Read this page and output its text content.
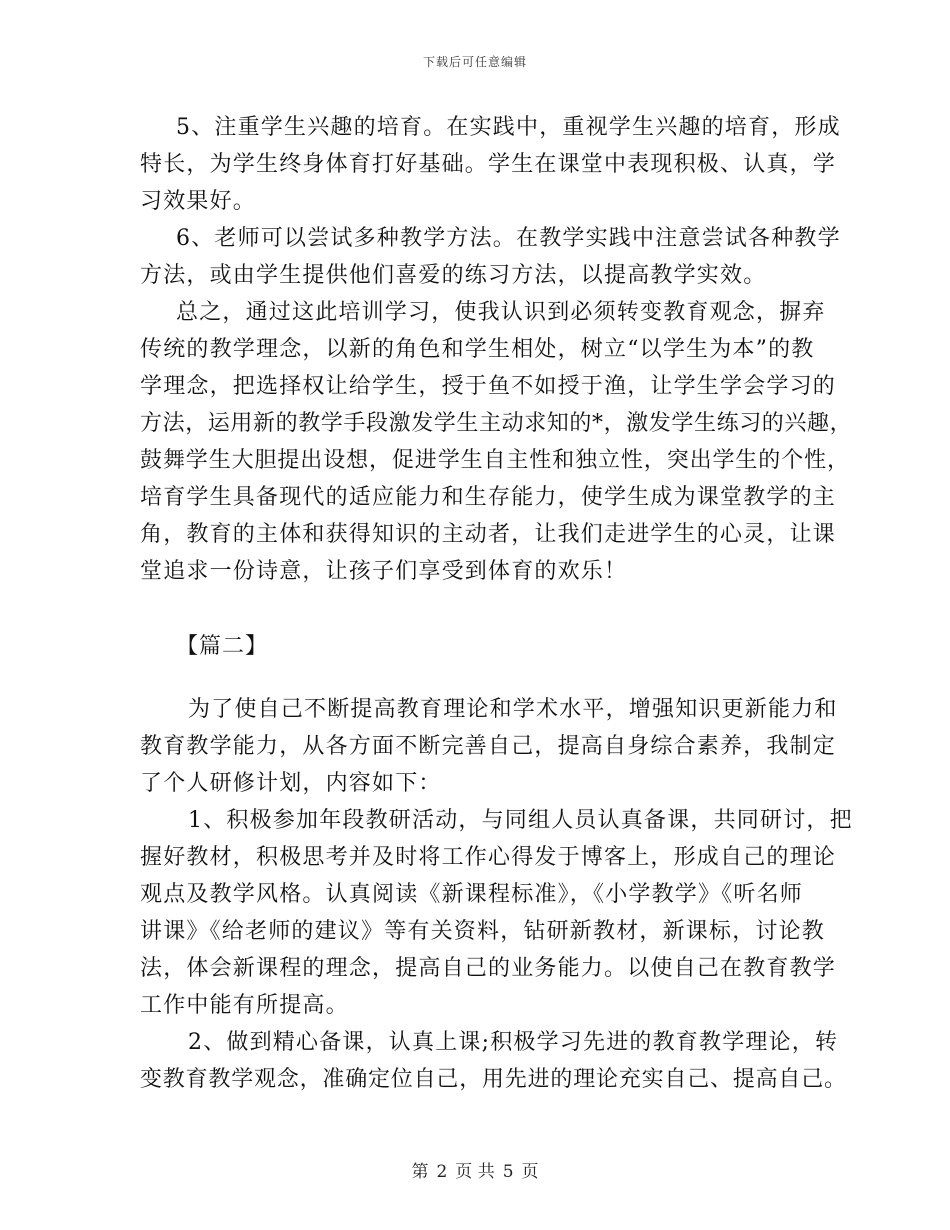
下载后可任意编辑
5、注重学生兴趣的培育。在实践中，重视学生兴趣的培育，形成
特长，为学生终身体育打好基础。学生在课堂中表现积极、认真，学
习效果好。
6、老师可以尝试多种教学方法。在教学实践中注意尝试各种教学
方法，或由学生提供他们喜爱的练习方法，以提高教学实效。
总之，通过这此培训学习，使我认识到必须转变教育观念，摒弃
传统的教学理念，以新的角色和学生相处，树立“以学生为本”的教
学理念，把选择权让给学生，授于鱼不如授于渔，让学生学会学习的
方法，运用新的教学手段激发学生主动求知的*，激发学生练习的兴趣，
鼓舞学生大胆提出设想，促进学生自主性和独立性，突出学生的个性，
培育学生具备现代的适应能力和生存能力，使学生成为课堂教学的主
角，教育的主体和获得知识的主动者，让我们走进学生的心灵，让课
堂追求一份诗意，让孩子们享受到体育的欢乐！
【篇二】
为了使自己不断提高教育理论和学术水平，增强知识更新能力和
教育教学能力，从各方面不断完善自己，提高自身综合素养，我制定
了个人研修计划，内容如下：
1、积极参加年段教研活动，与同组人员认真备课，共同研讨，把
握好教材，积极思考并及时将工作心得发于博客上，形成自己的理论
观点及教学风格。认真阅读《新课程标准》，《小学教学》《听名师
讲课》《给老师的建议》等有关资料，钻研新教材，新课标，讨论教
法，体会新课程的理念，提高自己的业务能力。以使自己在教育教学
工作中能有所提高。
2、做到精心备课，认真上课;积极学习先进的教育教学理论，转
变教育教学观念，准确定位自己，用先进的理论充实自己、提高自己。
第 2 页 共 5 页
